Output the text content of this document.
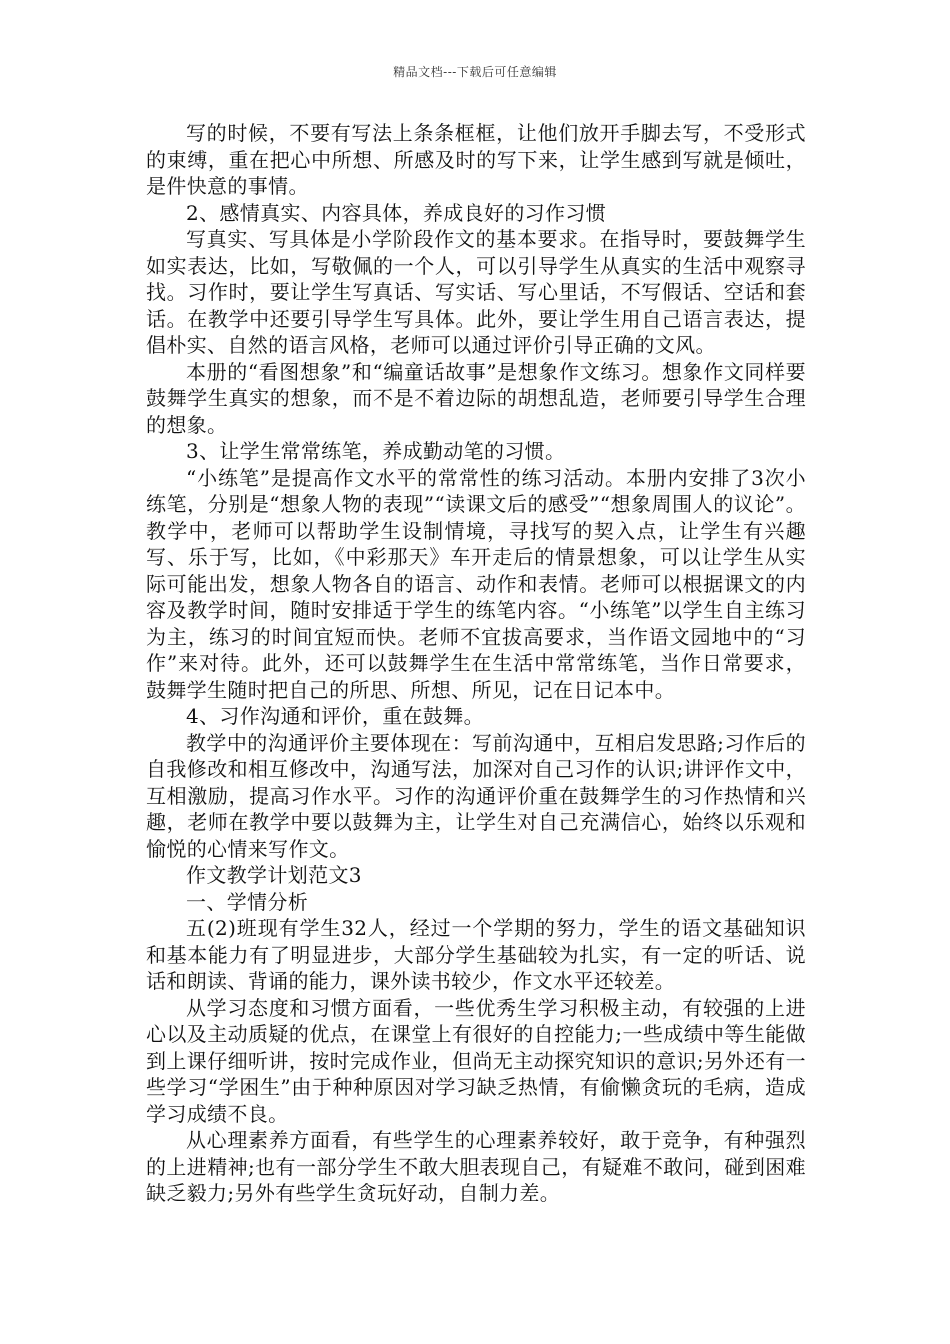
精品文档---下载后可任意编辑

写的时候，不要有写法上条条框框，让他们放开手脚去写，不受形式的束缚，重在把心中所想、所感及时的写下来，让学生感到写就是倾吐，是件快意的事情。

2、感情真实、内容具体，养成良好的习作习惯

写真实、写具体是小学阶段作文的基本要求。在指导时，要鼓舞学生如实表达，比如，写敬佩的一个人，可以引导学生从真实的生活中观察寻找。习作时，要让学生写真话、写实话、写心里话，不写假话、空话和套话。在教学中还要引导学生写具体。此外，要让学生用自己语言表达，提倡朴实、自然的语言风格，老师可以通过评价引导正确的文风。

本册的“看图想象”和“编童话故事”是想象作文练习。想象作文同样要鼓舞学生真实的想象，而不是不着边际的胡想乱造，老师要引导学生合理的想象。

3、让学生常常练笔，养成勤动笔的习惯。

“小练笔”是提高作文水平的常常性的练习活动。本册内安排了3次小练笔，分别是“想象人物的表现”“读课文后的感受”“想象周围人的议论”。教学中，老师可以帮助学生设制情境，寻找写的契入点，让学生有兴趣写、乐于写，比如，《中彩那天》车开走后的情景想象，可以让学生从实际可能出发，想象人物各自的语言、动作和表情。老师可以根据课文的内容及教学时间，随时安排适于学生的练笔内容。“小练笔”以学生自主练习为主，练习的时间宜短而快。老师不宜拔高要求，当作语文园地中的“习作”来对待。此外，还可以鼓舞学生在生活中常常练笔，当作日常要求，鼓舞学生随时把自己的所思、所想、所见，记在日记本中。

4、习作沟通和评价，重在鼓舞。

教学中的沟通评价主要体现在：写前沟通中，互相启发思路;习作后的自我修改和相互修改中，沟通写法，加深对自己习作的认识;讲评作文中，互相激励，提高习作水平。习作的沟通评价重在鼓舞学生的习作热情和兴趣，老师在教学中要以鼓舞为主，让学生对自己充满信心，始终以乐观和愉悦的心情来写作文。

作文教学计划范文3

一、学情分析

五(2)班现有学生32人，经过一个学期的努力，学生的语文基础知识和基本能力有了明显进步，大部分学生基础较为扎实，有一定的听话、说话和朗读、背诵的能力，课外读书较少，作文水平还较差。

从学习态度和习惯方面看，一些优秀生学习积极主动，有较强的上进心以及主动质疑的优点，在课堂上有很好的自控能力;一些成绩中等生能做到上课仔细听讲，按时完成作业，但尚无主动探究知识的意识;另外还有一些学习“学困生”由于种种原因对学习缺乏热情，有偷懒贪玩的毛病，造成学习成绩不良。

从心理素养方面看，有些学生的心理素养较好，敢于竞争，有种强烈的上进精神;也有一部分学生不敢大胆表现自己，有疑难不敢问，碰到困难缺乏毅力;另外有些学生贪玩好动，自制力差。
